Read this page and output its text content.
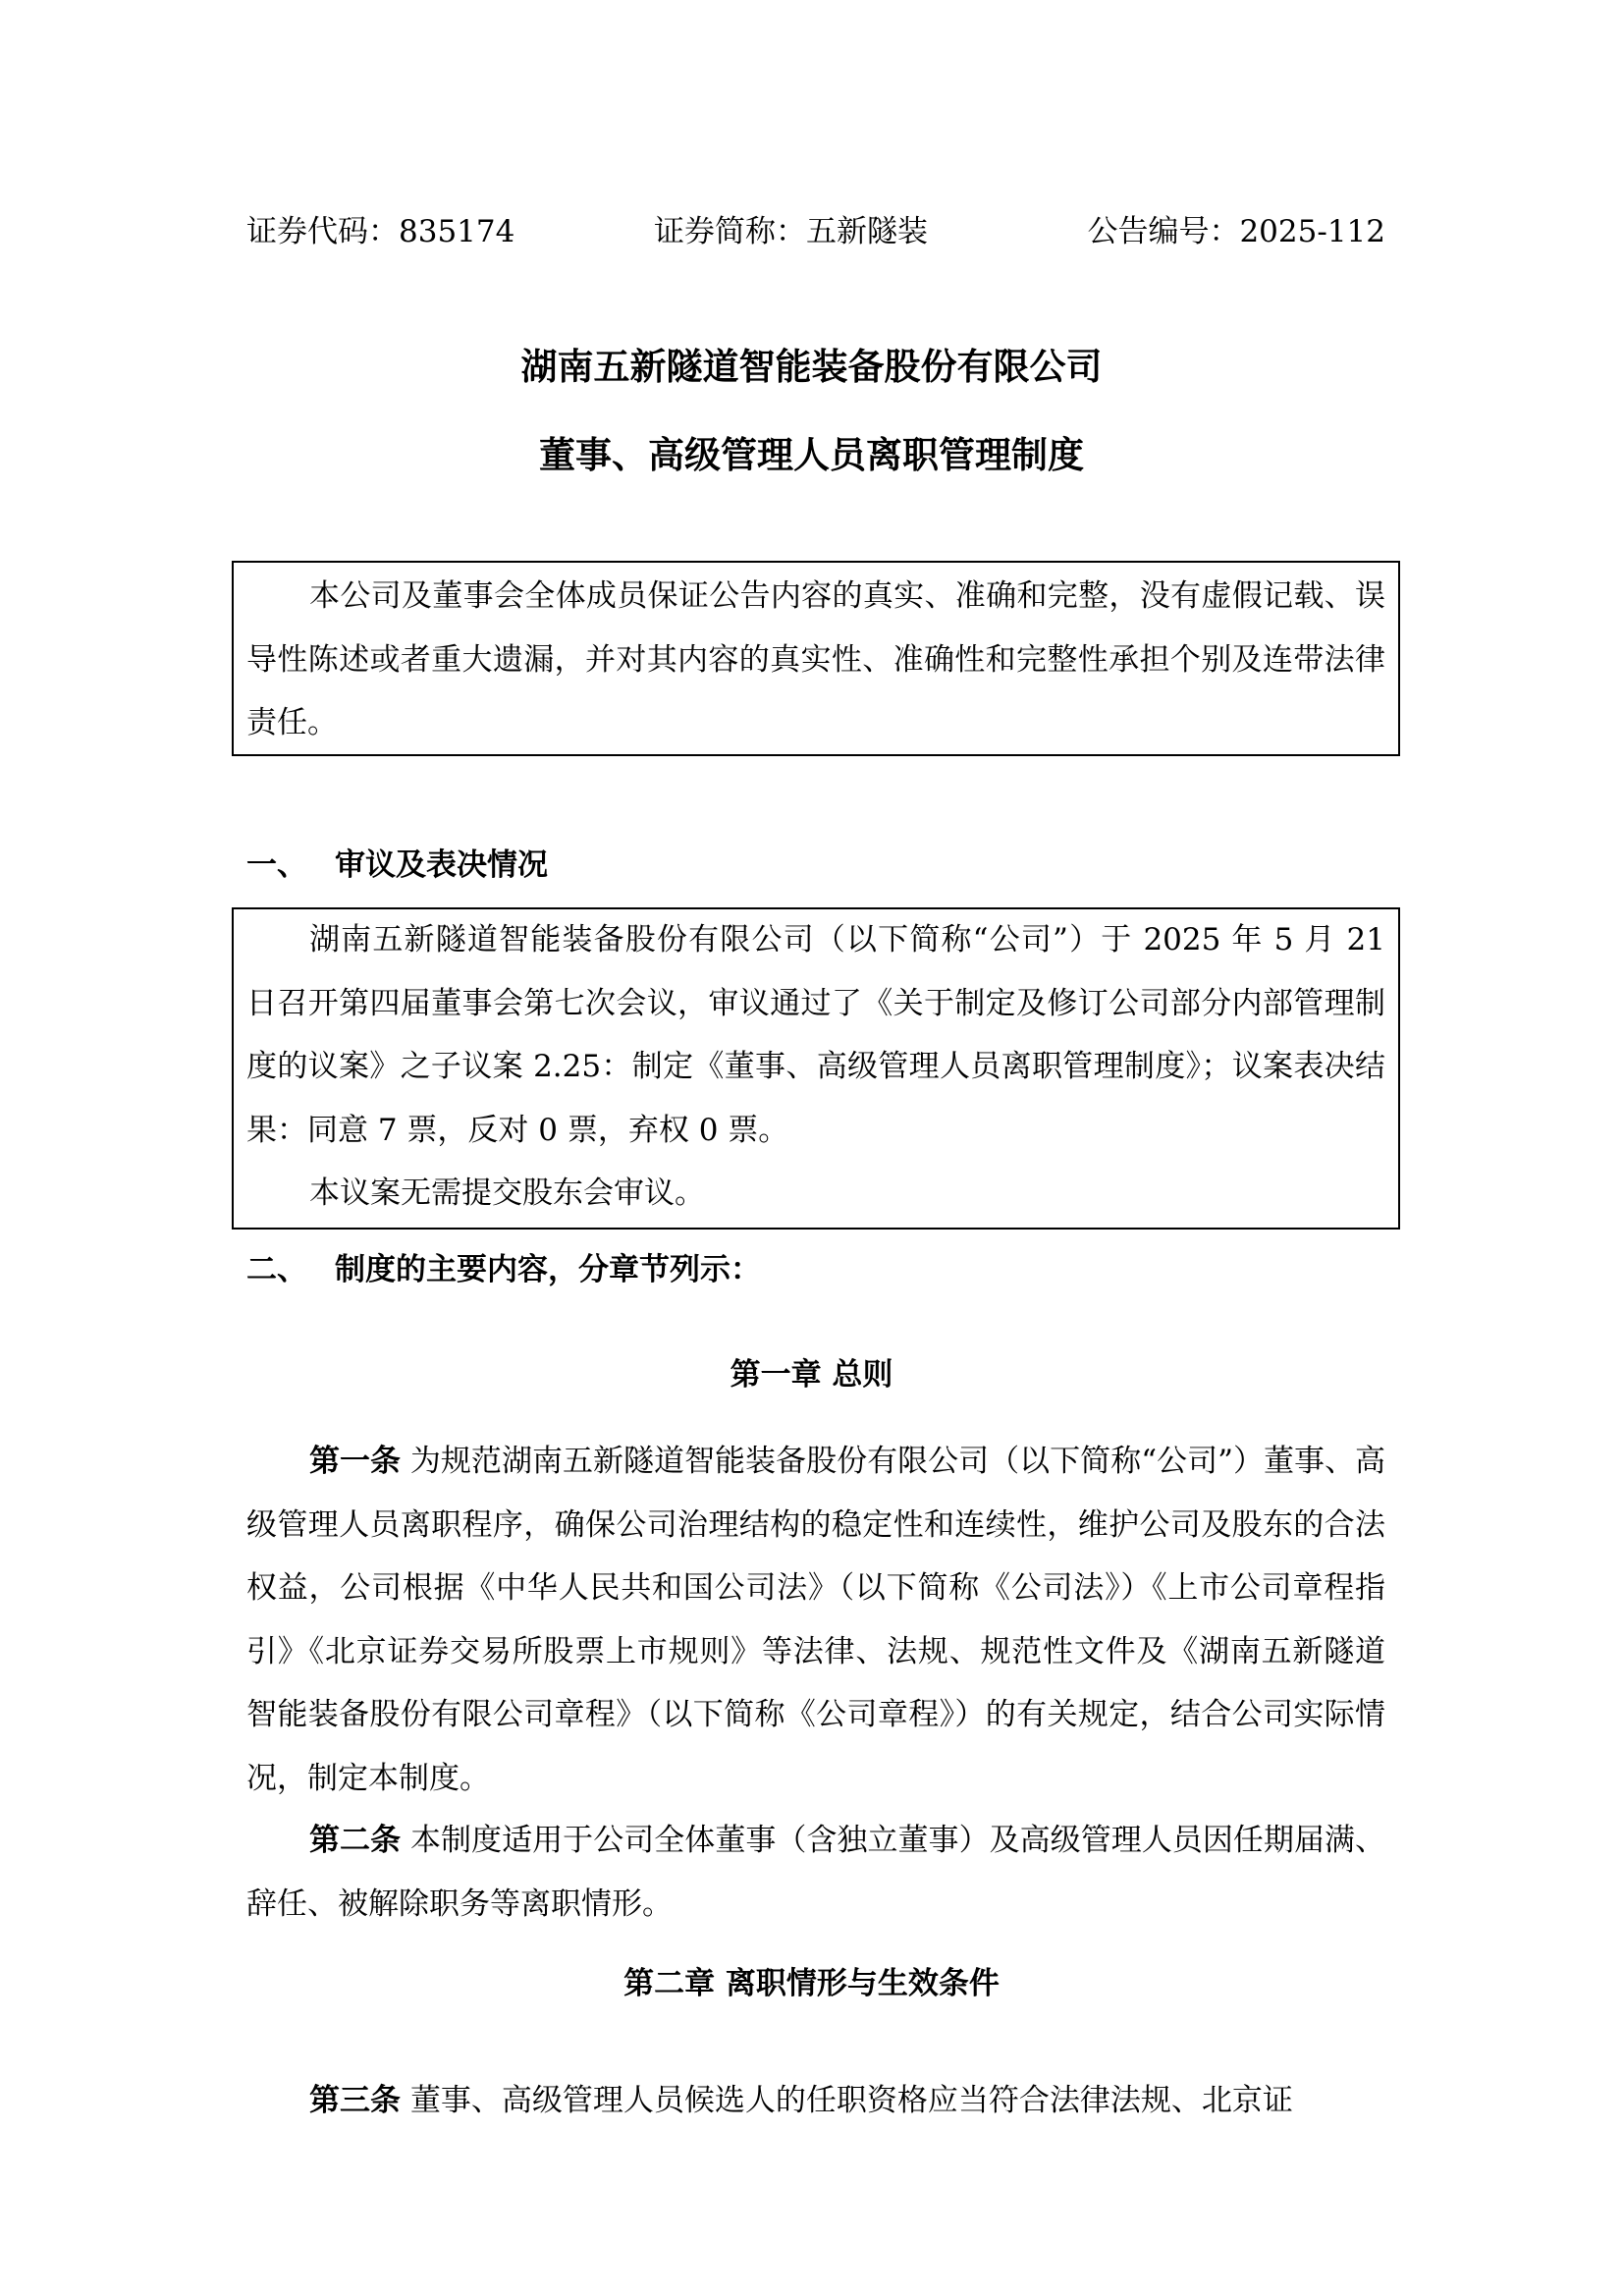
证券代码：835174	证券简称：五新隧装	公告编号：2025-112
湖南五新隧道智能装备股份有限公司
董事、高级管理人员离职管理制度
本公司及董事会全体成员保证公告内容的真实、准确和完整，没有虚假记载、误导性陈述或者重大遗漏，并对其内容的真实性、准确性和完整性承担个别及连带法律责任。
一、 审议及表决情况
湖南五新隧道智能装备股份有限公司（以下简称“公司”）于 2025 年 5 月 21 日召开第四届董事会第七次会议，审议通过了《关于制定及修订公司部分内部管理制度的议案》之子议案 2.25：制定《董事、高级管理人员离职管理制度》；议案表决结果：同意 7 票，反对 0 票，弃权 0 票。
本议案无需提交股东会审议。
二、 制度的主要内容，分章节列示：
第一章 总则
第一条 为规范湖南五新隧道智能装备股份有限公司（以下简称“公司”）董事、高级管理人员离职程序，确保公司治理结构的稳定性和连续性，维护公司及股东的合法权益，公司根据《中华人民共和国公司法》（以下简称《公司法》）《上市公司章程指引》《北京证券交易所股票上市规则》等法律、法规、规范性文件及《湖南五新隧道智能装备股份有限公司章程》（以下简称《公司章程》）的有关规定，结合公司实际情况，制定本制度。
第二条 本制度适用于公司全体董事（含独立董事）及高级管理人员因任期届满、辞任、被解除职务等离职情形。
第二章 离职情形与生效条件
第三条 董事、高级管理人员候选人的任职资格应当符合法律法规、北京证
